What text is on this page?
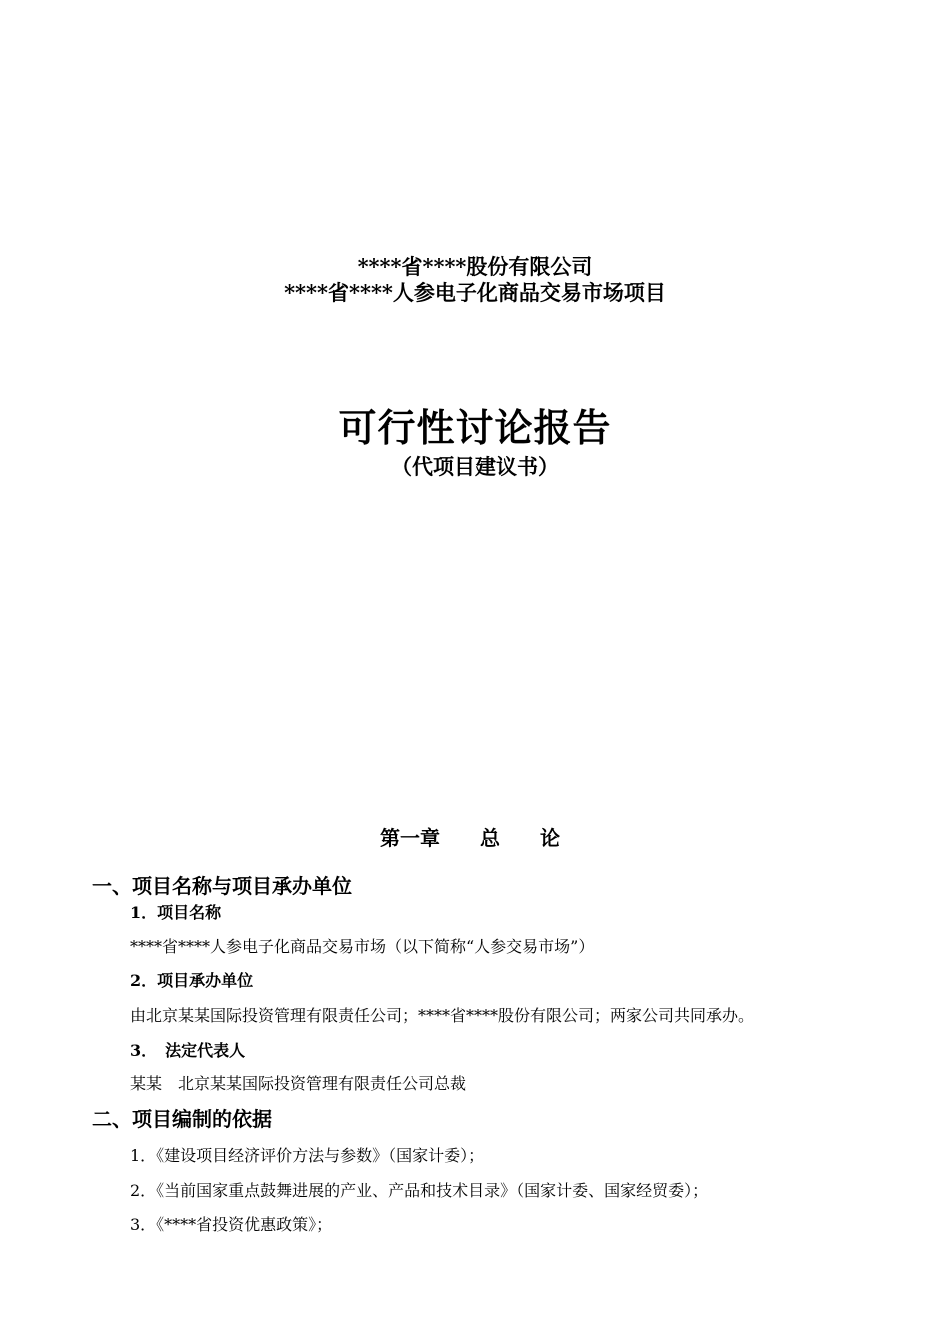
****省****股份有限公司
****省****人参电子化商品交易市场项目
可行性讨论报告
（代项目建议书）
第一章　　总　　论
一、项目名称与项目承办单位
1．项目名称
****省****人参电子化商品交易市场（以下简称“人参交易市场”）
2．项目承办单位
由北京某某国际投资管理有限责任公司；****省****股份有限公司；两家公司共同承办。
3．　法定代表人
某某　北京某某国际投资管理有限责任公司总裁
二、项目编制的依据
1．《建设项目经济评价方法与参数》（国家计委）；
2．《当前国家重点鼓舞进展的产业、产品和技术目录》（国家计委、国家经贸委）；
3．《****省投资优惠政策》；
